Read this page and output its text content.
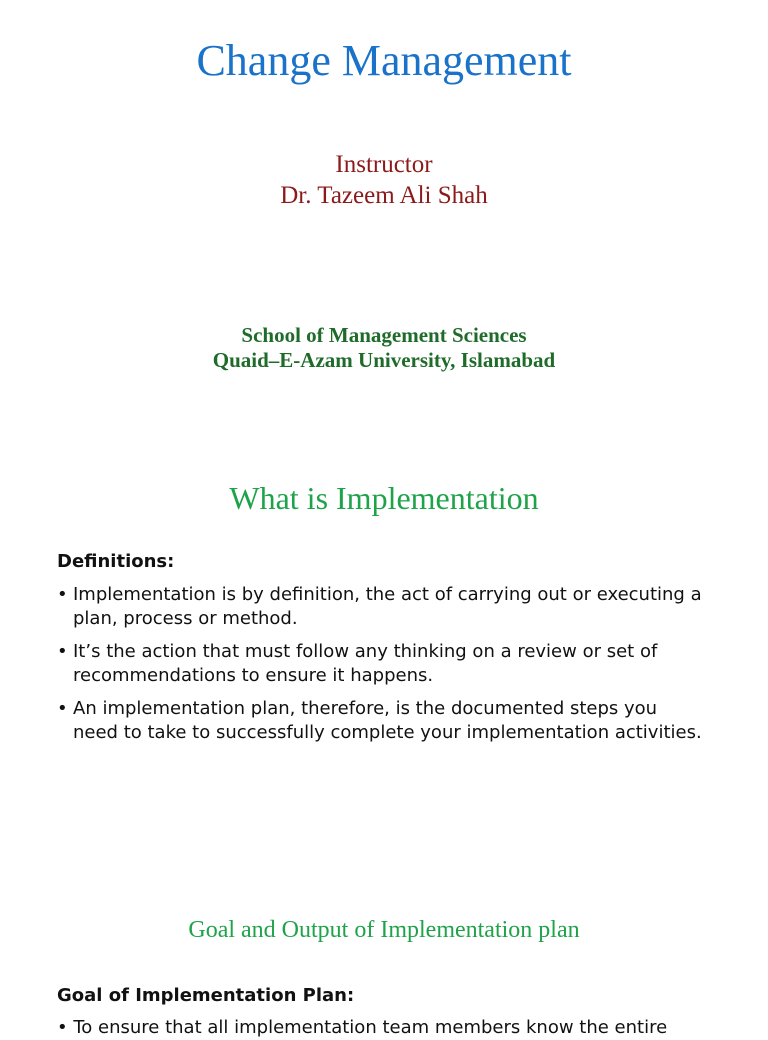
Change Management
Instructor
Dr. Tazeem Ali Shah
School of Management Sciences
Quaid–E-Azam University, Islamabad
What is Implementation
Definitions:
• Implementation is by definition, the act of carrying out or executing a
plan, process or method.
• It’s the action that must follow any thinking on a review or set of
recommendations to ensure it happens.
• An implementation plan, therefore, is the documented steps you
need to take to successfully complete your implementation activities.
Goal and Output of Implementation plan
Goal of Implementation Plan:
• To ensure that all implementation team members know the entire
